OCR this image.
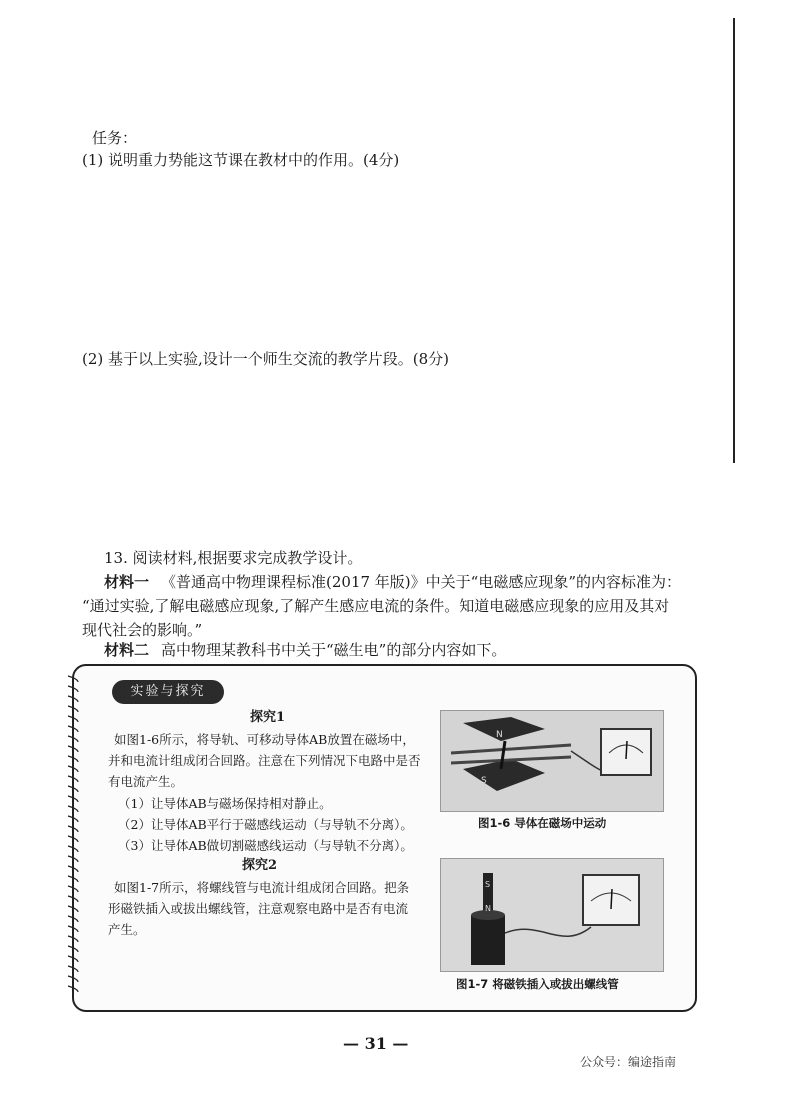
任务：
(1) 说明重力势能这节课在教材中的作用。(4分)
(2) 基于以上实验,设计一个师生交流的教学片段。(8分)
13. 阅读材料,根据要求完成教学设计。
材料一 《普通高中物理课程标准(2017 年版)》中关于“电磁感应现象”的内容标准为：
“通过实验,了解电磁感应现象,了解产生感应电流的条件。知道电磁感应现象的应用及其对
现代社会的影响。”
材料二 高中物理某教科书中关于“磁生电”的部分内容如下。
实验与探究
探究1
如图1-6所示，将导轨、可移动导体AB放置在磁场中，
并和电流计组成闭合回路。注意在下列情况下电路中是否
有电流产生。
（1）让导体AB与磁场保持相对静止。
（2）让导体AB平行于磁感线运动（与导轨不分离）。
（3）让导体AB做切割磁感线运动（与导轨不分离）。
探究2
如图1-7所示，将螺线管与电流计组成闭合回路。把条
形磁铁插入或拔出螺线管，注意观察电路中是否有电流
产生。
N
S
图1-6 导体在磁场中运动
S
N
图1-7 将磁铁插入或拔出螺线管
— 31 —
公众号：编途指南
